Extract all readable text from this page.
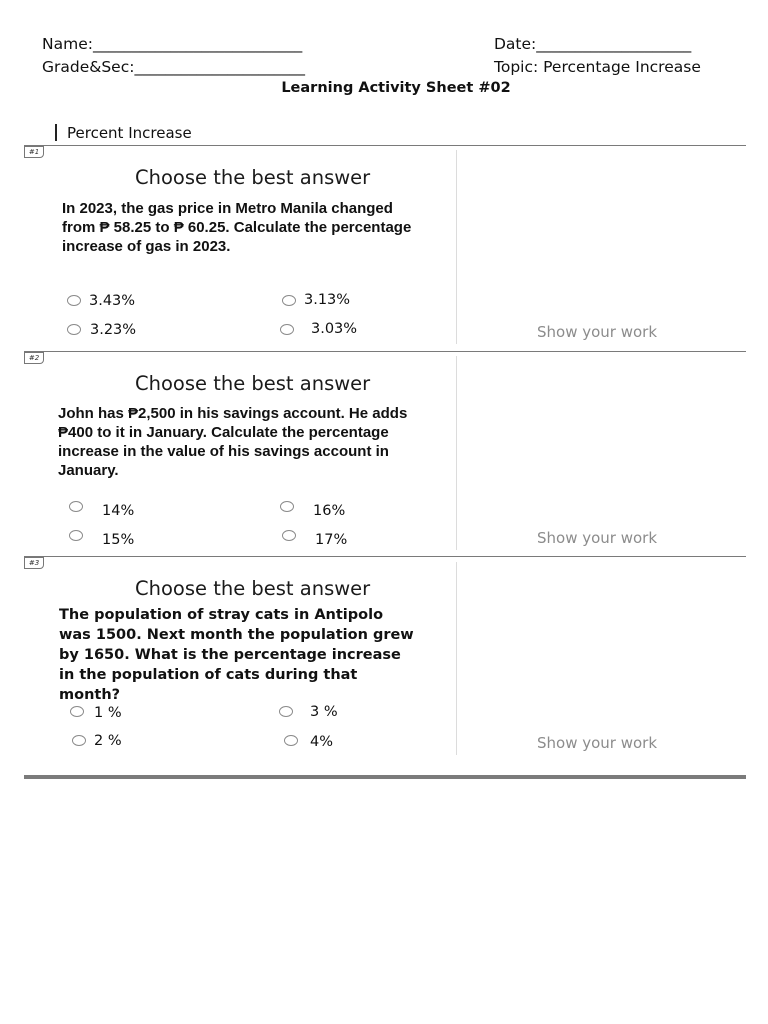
Name:___________________________	Date:____________________
Grade&Sec:______________________	Topic: Percentage Increase
Learning Activity Sheet #02
Percent Increase
#1
Choose the best answer
In 2023, the gas price in Metro Manila changed from ₱ 58.25 to ₱ 60.25. Calculate the percentage increase of gas in 2023.
3.43%	3.13%
3.23%	3.03%	Show your work
#2
Choose the best answer
John has ₱2,500 in his savings account. He adds ₱400 to it in January. Calculate the percentage increase in the value of his savings account in January.
14%	16%
15%	17%	Show your work
#3
Choose the best answer
The population of stray cats in Antipolo was 1500. Next month the population grew by 1650. What is the percentage increase in the population of cats during that month?
1 %	3 %
2 %	4%	Show your work
